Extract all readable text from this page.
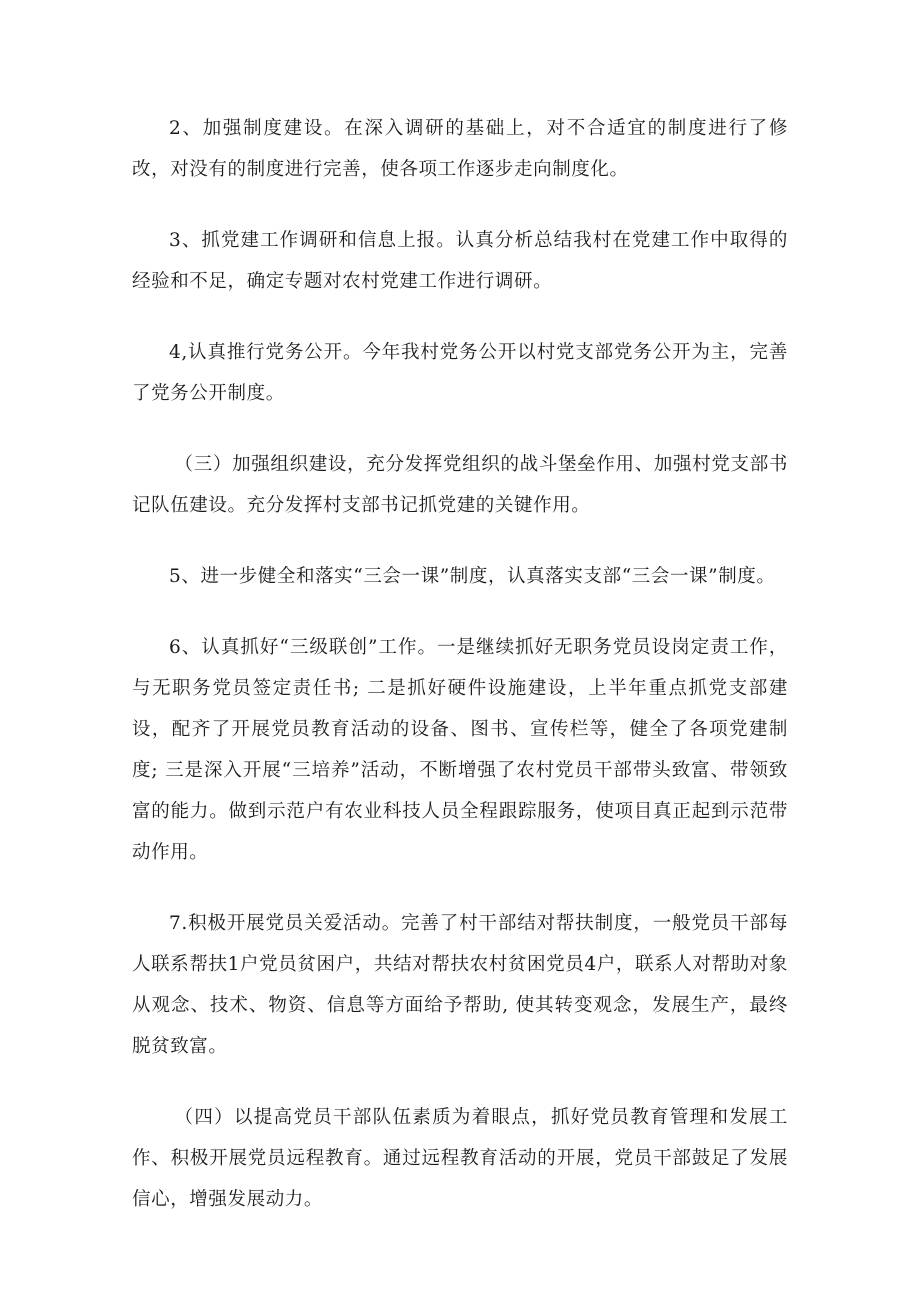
2、加强制度建设。在深入调研的基础上，对不合适宜的制度进行了修改，对没有的制度进行完善，使各项工作逐步走向制度化。

3、抓党建工作调研和信息上报。认真分析总结我村在党建工作中取得的经验和不足，确定专题对农村党建工作进行调研。

4,认真推行党务公开。今年我村党务公开以村党支部党务公开为主，完善了党务公开制度。

（三）加强组织建设，充分发挥党组织的战斗堡垒作用、加强村党支部书记队伍建设。充分发挥村支部书记抓党建的关键作用。

5、进一步健全和落实“三会一课”制度，认真落实支部“三会一课”制度。

6、认真抓好“三级联创”工作。一是继续抓好无职务党员设岗定责工作，与无职务党员签定责任书; 二是抓好硬件设施建设，上半年重点抓党支部建设，配齐了开展党员教育活动的设备、图书、宣传栏等，健全了各项党建制度; 三是深入开展“三培养”活动，不断增强了农村党员干部带头致富、带领致富的能力。做到示范户有农业科技人员全程跟踪服务，使项目真正起到示范带动作用。

7.积极开展党员关爱活动。完善了村干部结对帮扶制度，一般党员干部每人联系帮扶1户党员贫困户，共结对帮扶农村贫困党员4户，联系人对帮助对象从观念、技术、物资、信息等方面给予帮助, 使其转变观念，发展生产，最终脱贫致富。

（四）以提高党员干部队伍素质为着眼点，抓好党员教育管理和发展工作、积极开展党员远程教育。通过远程教育活动的开展，党员干部鼓足了发展信心，增强发展动力。
